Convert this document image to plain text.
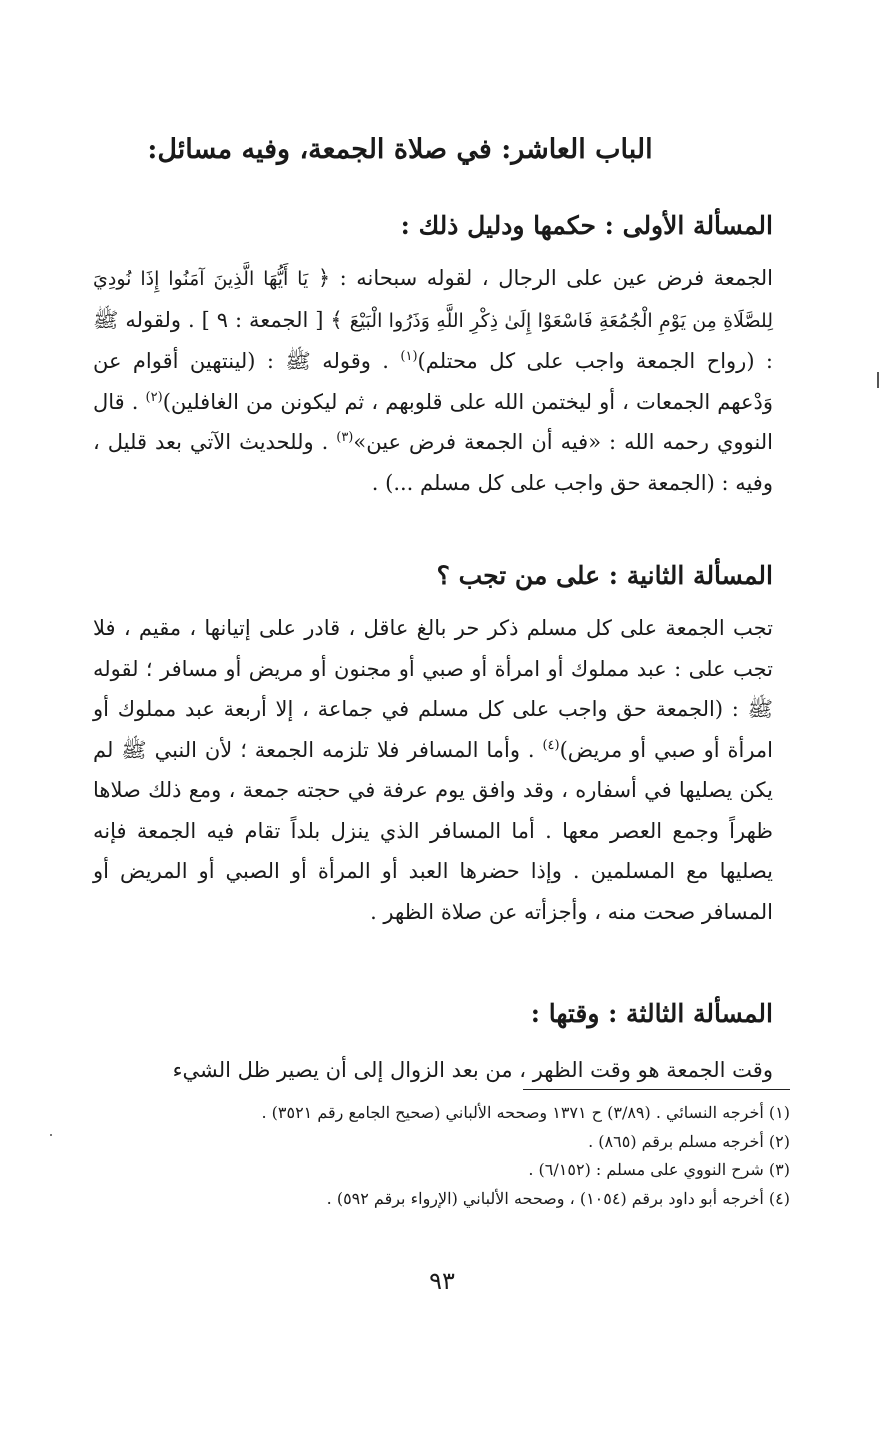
الباب العاشر: في صلاة الجمعة، وفيه مسائل:
المسألة الأولى : حكمها ودليل ذلك :

الجمعة فرض عين على الرجال ، لقوله سبحانه : ﴿ يَا أَيُّهَا الَّذِينَ آمَنُوا إِذَا نُودِيَ لِلصَّلَاةِ مِن يَوْمِ الْجُمُعَةِ فَاسْعَوْا إِلَىٰ ذِكْرِ اللَّهِ وَذَرُوا الْبَيْعَ ﴾ [ الجمعة : ٩ ] . ولقوله ﷺ : (رواح الجمعة واجب على كل محتلم)$^{(١)}$ . وقوله ﷺ : (لينتهين أقوام عن وَدْعهم الجمعات ، أو ليختمن الله على قلوبهم ، ثم ليكونن من الغافلين)$^{(٢)}$ . قال النووي رحمه الله : «فيه أن الجمعة فرض عين»$^{(٣)}$ . وللحديث الآتي بعد قليل ، وفيه : (الجمعة حق واجب على كل مسلم ...) .

المسألة الثانية : على من تجب ؟

تجب الجمعة على كل مسلم ذكر حر بالغ عاقل ، قادر على إتيانها ، مقيم ، فلا تجب على : عبد مملوك أو امرأة أو صبي أو مجنون أو مريض أو مسافر ؛ لقوله ﷺ : (الجمعة حق واجب على كل مسلم في جماعة ، إلا أربعة عبد مملوك أو امرأة أو صبي أو مريض)$^{(٤)}$ . وأما المسافر فلا تلزمه الجمعة ؛ لأن النبي ﷺ لم يكن يصليها في أسفاره ، وقد وافق يوم عرفة في حجته جمعة ، ومع ذلك صلاها ظهراً وجمع العصر معها . أما المسافر الذي ينزل بلداً تقام فيه الجمعة فإنه يصليها مع المسلمين . وإذا حضرها العبد أو المرأة أو الصبي أو المريض أو المسافر صحت منه ، وأجزأته عن صلاة الظهر .

المسألة الثالثة : وقتها :

وقت الجمعة هو وقت الظهر ، من بعد الزوال إلى أن يصير ظل الشيء

(١) أخرجه النسائي . (٣/٨٩) ح ١٣٧١ وصححه الألباني (صحيح الجامع رقم ٣٥٢١) .
(٢) أخرجه مسلم برقم (٨٦٥) .
(٣) شرح النووي على مسلم : (٦/١٥٢) .
(٤) أخرجه أبو داود برقم (١٠٥٤) ، وصححه الألباني (الإرواء برقم ٥٩٢) .
٩٣
